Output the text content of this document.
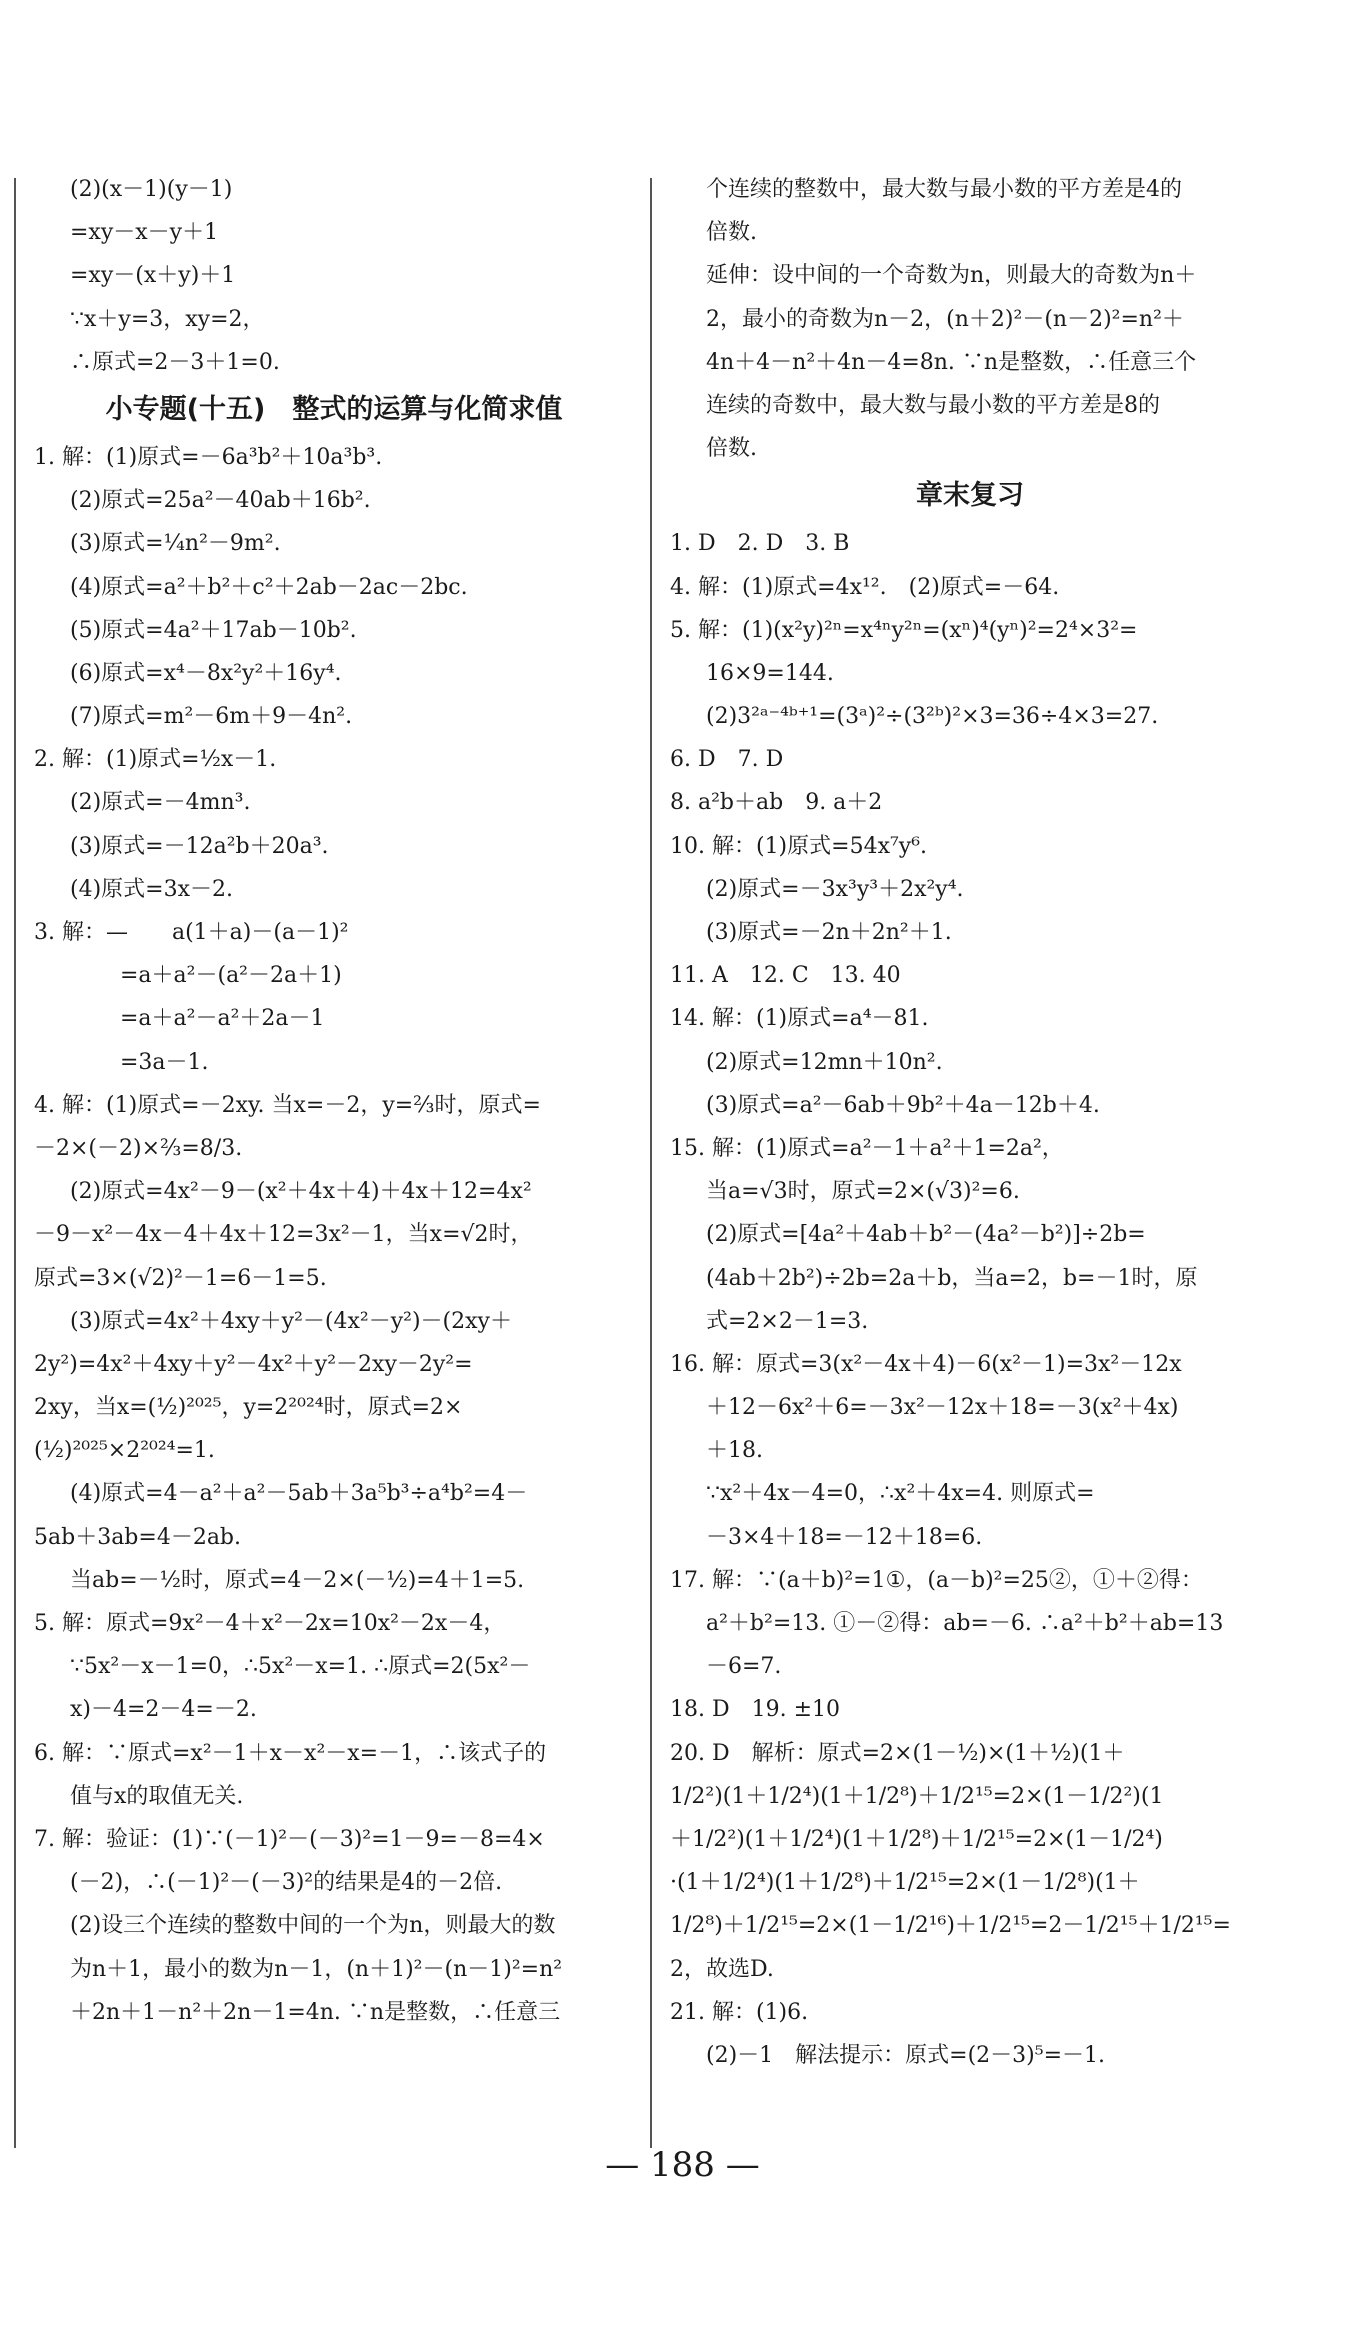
(2)(x－1)(y－1)
=xy－x－y＋1
=xy－(x＋y)＋1
∵x＋y=3，xy=2，
∴原式=2－3＋1=0.
小专题(十五)　整式的运算与化简求值
1. 解：(1)原式=－6a³b²＋10a³b³.
(2)原式=25a²－40ab＋16b².
(3)原式=¼n²－9m².
(4)原式=a²＋b²＋c²＋2ab－2ac－2bc.
(5)原式=4a²＋17ab－10b².
(6)原式=x⁴－8x²y²＋16y⁴.
(7)原式=m²－6m＋9－4n².
2. 解：(1)原式=½x－1.
(2)原式=－4mn³.
(3)原式=－12a²b＋20a³.
(4)原式=3x－2.
3. 解：—　　a(1＋a)－(a－1)²
=a＋a²－(a²－2a＋1)
=a＋a²－a²＋2a－1
=3a－1.
4. 解：(1)原式=－2xy. 当x=－2，y=⅔时，原式=
－2×(－2)×⅔=8/3.
(2)原式=4x²－9－(x²＋4x＋4)＋4x＋12=4x²
－9－x²－4x－4＋4x＋12=3x²－1，当x=√2时，
原式=3×(√2)²－1=6－1=5.
(3)原式=4x²＋4xy＋y²－(4x²－y²)－(2xy＋
2y²)=4x²＋4xy＋y²－4x²＋y²－2xy－2y²=
2xy，当x=(½)²⁰²⁵，y=2²⁰²⁴时，原式=2×
(½)²⁰²⁵×2²⁰²⁴=1.
(4)原式=4－a²＋a²－5ab＋3a⁵b³÷a⁴b²=4－
5ab＋3ab=4－2ab.
当ab=－½时，原式=4－2×(－½)=4＋1=5.
5. 解：原式=9x²－4＋x²－2x=10x²－2x－4，
∵5x²－x－1=0，∴5x²－x=1. ∴原式=2(5x²－
x)－4=2－4=－2.
6. 解：∵原式=x²－1＋x－x²－x=－1，∴该式子的
值与x的取值无关.
7. 解：验证：(1)∵(－1)²－(－3)²=1－9=－8=4×
(－2)，∴(－1)²－(－3)²的结果是4的－2倍.
(2)设三个连续的整数中间的一个为n，则最大的数
为n＋1，最小的数为n－1，(n＋1)²－(n－1)²=n²
＋2n＋1－n²＋2n－1=4n. ∵n是整数，∴任意三
个连续的整数中，最大数与最小数的平方差是4的
倍数.
延伸：设中间的一个奇数为n，则最大的奇数为n＋
2，最小的奇数为n－2，(n＋2)²－(n－2)²=n²＋
4n＋4－n²＋4n－4=8n. ∵n是整数，∴任意三个
连续的奇数中，最大数与最小数的平方差是8的
倍数.
章末复习
1. D　2. D　3. B
4. 解：(1)原式=4x¹².　(2)原式=－64.
5. 解：(1)(x²y)²ⁿ=x⁴ⁿy²ⁿ=(xⁿ)⁴(yⁿ)²=2⁴×3²=
16×9=144.
(2)3²ᵃ⁻⁴ᵇ⁺¹=(3ᵃ)²÷(3²ᵇ)²×3=36÷4×3=27.
6. D　7. D
8. a²b＋ab　9. a＋2
10. 解：(1)原式=54x⁷y⁶.
(2)原式=－3x³y³＋2x²y⁴.
(3)原式=－2n＋2n²＋1.
11. A　12. C　13. 40
14. 解：(1)原式=a⁴－81.
(2)原式=12mn＋10n².
(3)原式=a²－6ab＋9b²＋4a－12b＋4.
15. 解：(1)原式=a²－1＋a²＋1=2a²，
当a=√3时，原式=2×(√3)²=6.
(2)原式=[4a²＋4ab＋b²－(4a²－b²)]÷2b=
(4ab＋2b²)÷2b=2a＋b，当a=2，b=－1时，原
式=2×2－1=3.
16. 解：原式=3(x²－4x＋4)－6(x²－1)=3x²－12x
＋12－6x²＋6=－3x²－12x＋18=－3(x²＋4x)
＋18.
∵x²＋4x－4=0，∴x²＋4x=4. 则原式=
－3×4＋18=－12＋18=6.
17. 解：∵(a＋b)²=1①，(a－b)²=25②，①＋②得：
a²＋b²=13. ①－②得：ab=－6. ∴a²＋b²＋ab=13
－6=7.
18. D　19. ±10
20. D　解析：原式=2×(1－½)×(1＋½)(1＋
1/2²)(1＋1/2⁴)(1＋1/2⁸)＋1/2¹⁵=2×(1－1/2²)(1
＋1/2²)(1＋1/2⁴)(1＋1/2⁸)＋1/2¹⁵=2×(1－1/2⁴)
·(1＋1/2⁴)(1＋1/2⁸)＋1/2¹⁵=2×(1－1/2⁸)(1＋
1/2⁸)＋1/2¹⁵=2×(1－1/2¹⁶)＋1/2¹⁵=2－1/2¹⁵＋1/2¹⁵=
2，故选D.
21. 解：(1)6.
(2)－1　解法提示：原式=(2－3)⁵=－1.
— 188 —
